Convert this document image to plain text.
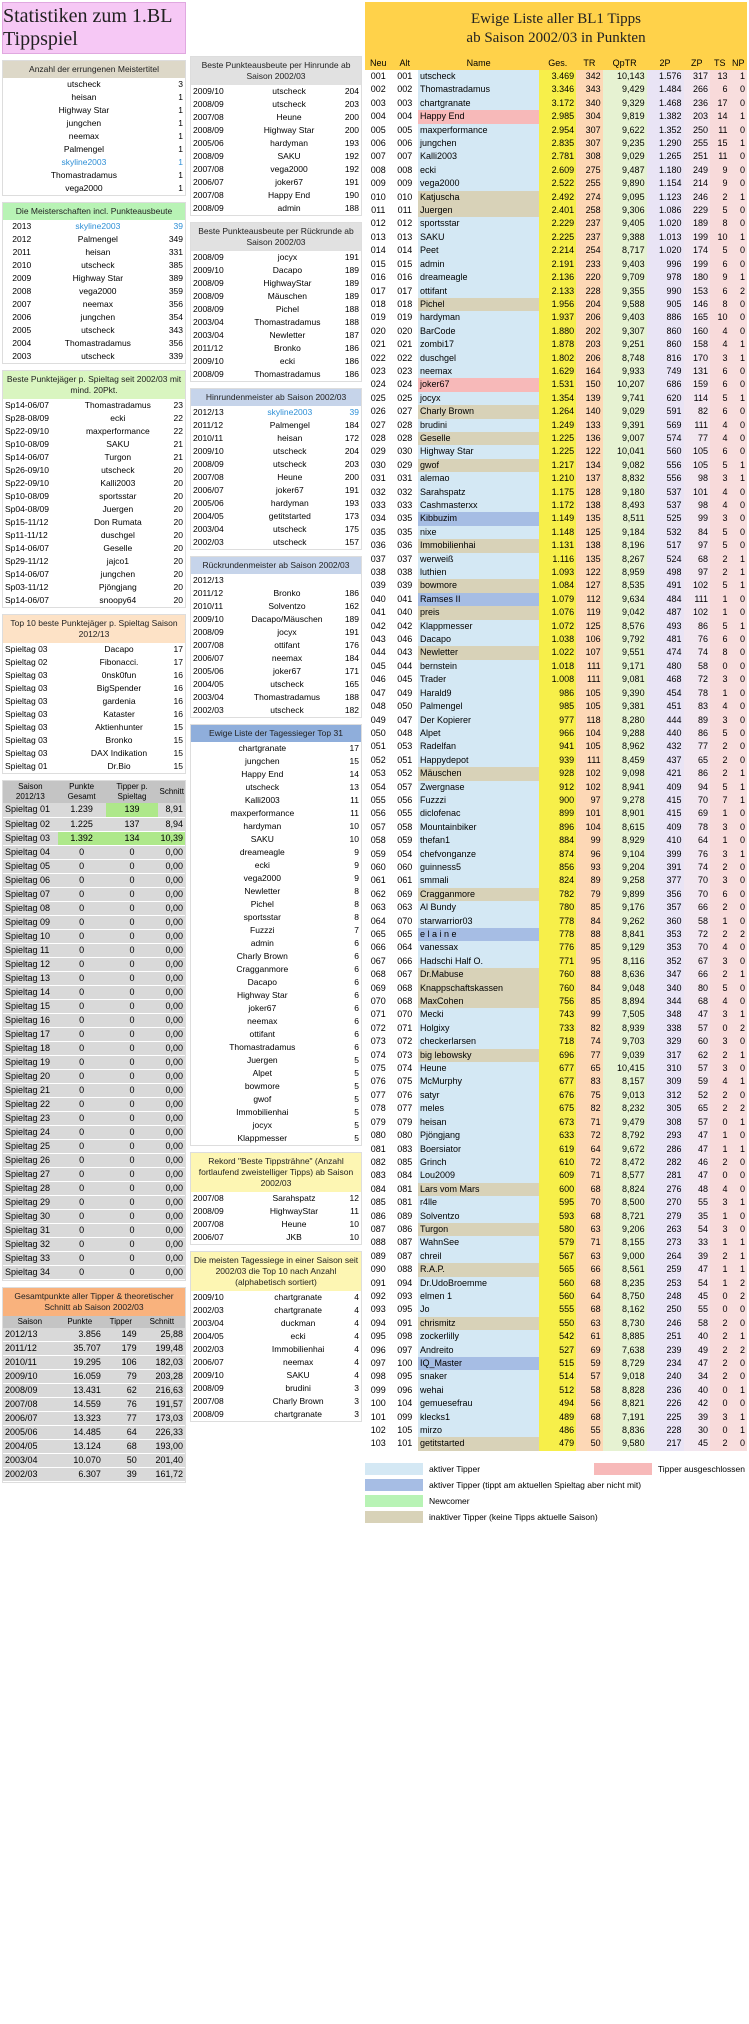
Statistiken zum 1.BL Tippspiel
Anzahl der errungenen Meistertitel
utscheck	3
heisan	1
Highway Star	1
jungchen	1
neemax	1
Palmengel	1
skyline2003	1
Thomastradamus	1
vega2000	1
Die Meisterschaften incl. Punkteausbeute
2013	skyline2003	39
2012	Palmengel	349
2011	heisan	331
2010	utscheck	385
2009	Highway Star	389
2008	vega2000	359
2007	neemax	356
2006	jungchen	354
2005	utscheck	343
2004	Thomastradamus	356
2003	utscheck	339
Beste Punktejäger p. Spieltag seit 2002/03 mit mind. 20Pkt.
Sp14-06/07	Thomastradamus	23
Sp28-08/09	ecki	22
Sp22-09/10	maxperformance	22
Sp10-08/09	SAKU	21
Sp14-06/07	Turgon	21
Sp26-09/10	utscheck	20
Sp22-09/10	Kalli2003	20
Sp10-08/09	sportsstar	20
Sp04-08/09	Juergen	20
Sp15-11/12	Don Rumata	20
Sp11-11/12	duschgel	20
Sp14-06/07	Geselle	20
Sp29-11/12	jajco1	20
Sp14-06/07	jungchen	20
Sp03-11/12	Pjöngjang	20
Sp14-06/07	snoopy64	20
Top 10 beste Punktejäger p. Spieltag Saison 2012/13
Spieltag 03	Dacapo	17
Spieltag 02	Fibonacci.	17
Spieltag 03	0nsk0fun	16
Spieltag 03	BigSpender	16
Spieltag 03	gardenia	16
Spieltag 03	Kataster	16
Spieltag 03	Aktienhunter	15
Spieltag 03	Bronko	15
Spieltag 03	DAX Indikation	15
Spieltag 01	Dr.Bio	15
Saison 2012/13	Punkte Gesamt	Tipper p. Spieltag	Schnitt
Spieltag 01	1.239	139	8,91
Spieltag 02	1.225	137	8,94
Spieltag 03	1.392	134	10,39
Spieltag 04	0	0	0,00
Spieltag 05	0	0	0,00
Spieltag 06	0	0	0,00
Spieltag 07	0	0	0,00
Spieltag 08	0	0	0,00
Spieltag 09	0	0	0,00
Spieltag 10	0	0	0,00
Spieltag 11	0	0	0,00
Spieltag 12	0	0	0,00
Spieltag 13	0	0	0,00
Spieltag 14	0	0	0,00
Spieltag 15	0	0	0,00
Spieltag 16	0	0	0,00
Spieltag 17	0	0	0,00
Spieltag 18	0	0	0,00
Spieltag 19	0	0	0,00
Spieltag 20	0	0	0,00
Spieltag 21	0	0	0,00
Spieltag 22	0	0	0,00
Spieltag 23	0	0	0,00
Spieltag 24	0	0	0,00
Spieltag 25	0	0	0,00
Spieltag 26	0	0	0,00
Spieltag 27	0	0	0,00
Spieltag 28	0	0	0,00
Spieltag 29	0	0	0,00
Spieltag 30	0	0	0,00
Spieltag 31	0	0	0,00
Spieltag 32	0	0	0,00
Spieltag 33	0	0	0,00
Spieltag 34	0	0	0,00
Gesamtpunkte aller Tipper & theoretischer Schnitt ab Saison 2002/03
Saison	Punkte	Tipper	Schnitt
2012/13	3.856	149	25,88
2011/12	35.707	179	199,48
2010/11	19.295	106	182,03
2009/10	16.059	79	203,28
2008/09	13.431	62	216,63
2007/08	14.559	76	191,57
2006/07	13.323	77	173,03
2005/06	14.485	64	226,33
2004/05	13.124	68	193,00
2003/04	10.070	50	201,40
2002/03	6.307	39	161,72
Beste Punkteausbeute per Hinrunde ab Saison 2002/03
2009/10	utscheck	204
2008/09	utscheck	203
2007/08	Heune	200
2008/09	Highway Star	200
2005/06	hardyman	193
2008/09	SAKU	192
2007/08	vega2000	192
2006/07	joker67	191
2007/08	Happy End	190
2008/09	admin	188
Beste Punkteausbeute per Rückrunde ab Saison 2002/03
2008/09	jocyx	191
2009/10	Dacapo	189
2008/09	HighwayStar	189
2008/09	Mäuschen	189
2008/09	Pichel	188
2003/04	Thomastradamus	188
2003/04	Newletter	187
2011/12	Bronko	186
2009/10	ecki	186
2008/09	Thomastradamus	186
Hinrundenmeister ab Saison 2002/03
2012/13	skyline2003	39
2011/12	Palmengel	184
2010/11	heisan	172
2009/10	utscheck	204
2008/09	utscheck	203
2007/08	Heune	200
2006/07	joker67	191
2005/06	hardyman	193
2004/05	getitstarted	173
2003/04	utscheck	175
2002/03	utscheck	157
Rückrundenmeister ab Saison 2002/03
2012/13		
2011/12	Bronko	186
2010/11	Solventzo	162
2009/10	Dacapo/Mäuschen	189
2008/09	jocyx	191
2007/08	ottifant	176
2006/07	neemax	184
2005/06	joker67	171
2004/05	utscheck	165
2003/04	Thomastradamus	188
2002/03	utscheck	182
Ewige Liste der Tagessieger Top 31
chartgranate	17
jungchen	15
Happy End	14
utscheck	13
Kalli2003	11
maxperformance	11
hardyman	10
SAKU	10
dreameagle	9
ecki	9
vega2000	9
Newletter	8
Pichel	8
sportsstar	8
Fuzzzi	7
admin	6
Charly Brown	6
Cragganmore	6
Dacapo	6
Highway Star	6
joker67	6
neemax	6
ottifant	6
Thomastradamus	6
Juergen	5
Alpet	5
bowmore	5
gwof	5
Immobilienhai	5
jocyx	5
Klappmesser	5
Rekord "Beste Tippsträhne" (Anzahl fortlaufend zweistelliger Tipps) ab Saison 2002/03
2007/08	Sarahspatz	12
2008/09	HighwayStar	11
2007/08	Heune	10
2006/07	JKB	10
Die meisten Tagessiege in einer Saison seit 2002/03 die Top 10 nach Anzahl (alphabetisch sortiert)
2009/10	chartgranate	4
2002/03	chartgranate	4
2003/04	duckman	4
2004/05	ecki	4
2002/03	Immobilienhai	4
2006/07	neemax	4
2009/10	SAKU	4
2008/09	brudini	3
2007/08	Charly Brown	3
2008/09	chartgranate	3
Ewige Liste aller BL1 Tipps
ab Saison 2002/03 in Punkten
Neu	Alt	Name	Ges.	TR	QpTR	2P	ZP	TS	NP
001	001	utscheck	3.469	342	10,143	1.576	317	13	1
002	002	Thomastradamus	3.346	343	9,429	1.484	266	6	0
003	003	chartgranate	3.172	340	9,329	1.468	236	17	0
004	004	Happy End	2.985	304	9,819	1.382	203	14	1
005	005	maxperformance	2.954	307	9,622	1.352	250	11	0
006	006	jungchen	2.835	307	9,235	1.290	255	15	1
007	007	Kalli2003	2.781	308	9,029	1.265	251	11	0
008	008	ecki	2.609	275	9,487	1.180	249	9	0
009	009	vega2000	2.522	255	9,890	1.154	214	9	0
010	010	Katjuscha	2.492	274	9,095	1.123	246	2	1
011	011	Juergen	2.401	258	9,306	1.086	229	5	0
012	012	sportsstar	2.229	237	9,405	1.020	189	8	0
013	013	SAKU	2.225	237	9,388	1.013	199	10	1
014	014	Peet	2.214	254	8,717	1.020	174	5	0
015	015	admin	2.191	233	9,403	996	199	6	0
016	016	dreameagle	2.136	220	9,709	978	180	9	1
017	017	ottifant	2.133	228	9,355	990	153	6	2
018	018	Pichel	1.956	204	9,588	905	146	8	0
019	019	hardyman	1.937	206	9,403	886	165	10	0
020	020	BarCode	1.880	202	9,307	860	160	4	0
021	021	zombi17	1.878	203	9,251	860	158	4	1
022	022	duschgel	1.802	206	8,748	816	170	3	1
023	023	neemax	1.629	164	9,933	749	131	6	0
024	024	joker67	1.531	150	10,207	686	159	6	0
025	025	jocyx	1.354	139	9,741	620	114	5	1
026	027	Charly Brown	1.264	140	9,029	591	82	6	0
027	028	brudini	1.249	133	9,391	569	111	4	0
028	028	Geselle	1.225	136	9,007	574	77	4	0
029	030	Highway Star	1.225	122	10,041	560	105	6	0
030	029	gwof	1.217	134	9,082	556	105	5	1
031	031	alemao	1.210	137	8,832	556	98	3	1
032	032	Sarahspatz	1.175	128	9,180	537	101	4	0
033	033	Cashmasterxx	1.172	138	8,493	537	98	4	0
034	035	Kibbuzim	1.149	135	8,511	525	99	3	0
035	035	nixe	1.148	125	9,184	532	84	5	0
036	036	Immobilienhai	1.131	138	8,196	517	97	5	0
037	037	werweiß	1.116	135	8,267	524	68	2	1
038	038	luthien	1.093	122	8,959	498	97	2	1
039	039	bowmore	1.084	127	8,535	491	102	5	1
040	041	Ramses II	1.079	112	9,634	484	111	1	0
041	040	preis	1.076	119	9,042	487	102	1	0
042	042	Klappmesser	1.072	125	8,576	493	86	5	1
043	046	Dacapo	1.038	106	9,792	481	76	6	0
044	043	Newletter	1.022	107	9,551	474	74	8	0
045	044	bernstein	1.018	111	9,171	480	58	0	0
046	045	Trader	1.008	111	9,081	468	72	3	0
047	049	Harald9	986	105	9,390	454	78	1	0
048	050	Palmengel	985	105	9,381	451	83	4	0
049	047	Der Kopierer	977	118	8,280	444	89	3	0
050	048	Alpet	966	104	9,288	440	86	5	0
051	053	Radelfan	941	105	8,962	432	77	2	0
052	051	Happydepot	939	111	8,459	437	65	2	0
053	052	Mäuschen	928	102	9,098	421	86	2	1
054	057	Zwergnase	912	102	8,941	409	94	5	1
055	056	Fuzzzi	900	97	9,278	415	70	7	1
056	055	diclofenac	899	101	8,901	415	69	1	0
057	058	Mountainbiker	896	104	8,615	409	78	3	0
058	059	thefan1	884	99	8,929	410	64	1	0
059	054	chefvonganze	874	96	9,104	399	76	3	1
060	060	guinness5	856	93	9,204	391	74	2	0
061	061	smmali	824	89	9,258	377	70	3	0
062	069	Cragganmore	782	79	9,899	356	70	6	0
063	063	Al Bundy	780	85	9,176	357	66	2	0
064	070	starwarrior03	778	84	9,262	360	58	1	0
065	065	e l a i n e	778	88	8,841	353	72	2	2
066	064	vanessax	776	85	9,129	353	70	4	0
067	066	Hadschi Half O.	771	95	8,116	352	67	3	0
068	067	Dr.Mabuse	760	88	8,636	347	66	2	1
069	068	Knappschaftskassen	760	84	9,048	340	80	5	0
070	068	MaxCohen	756	85	8,894	344	68	4	0
071	070	Mecki	743	99	7,505	348	47	3	1
072	071	Holgixy	733	82	8,939	338	57	0	2
073	072	checkerlarsen	718	74	9,703	329	60	3	0
074	073	big lebowsky	696	77	9,039	317	62	2	1
075	074	Heune	677	65	10,415	310	57	3	0
076	075	McMurphy	677	83	8,157	309	59	4	1
077	076	satyr	676	75	9,013	312	52	2	0
078	077	meles	675	82	8,232	305	65	2	2
079	079	heisan	673	71	9,479	308	57	0	1
080	080	Pjöngjang	633	72	8,792	293	47	1	0
081	083	Boersiator	619	64	9,672	286	47	1	1
082	085	Grinch	610	72	8,472	282	46	2	0
083	084	Lou2009	609	71	8,577	281	47	0	0
084	081	Lars vom Mars	600	68	8,824	276	48	4	0
085	081	r4lle	595	70	8,500	270	55	3	1
086	089	Solventzo	593	68	8,721	279	35	1	0
087	086	Turgon	580	63	9,206	263	54	3	0
088	087	WahnSee	579	71	8,155	273	33	1	1
089	087	chreil	567	63	9,000	264	39	2	1
090	088	R.A.P.	565	66	8,561	259	47	1	1
091	094	Dr.UdoBroemme	560	68	8,235	253	54	1	2
092	093	elmen 1	560	64	8,750	248	45	0	2
093	095	Jo	555	68	8,162	250	55	0	0
094	091	chrismitz	550	63	8,730	246	58	2	0
095	098	zockerlilly	542	61	8,885	251	40	2	1
096	097	Andreito	527	69	7,638	239	49	2	2
097	100	IQ_Master	515	59	8,729	234	47	2	0
098	095	snaker	514	57	9,018	240	34	2	0
099	096	wehai	512	58	8,828	236	40	0	1
100	104	gemuesefrau	494	56	8,821	226	42	0	0
101	099	klecks1	489	68	7,191	225	39	3	1
102	105	mirzo	486	55	8,836	228	30	0	1
103	101	getitstarted	479	50	9,580	217	45	2	0
aktiver Tipper
aktiver Tipper (tippt am aktuellen Spieltag aber nicht mit)
Newcomer
inaktiver Tipper (keine Tipps aktuelle Saison)
Tipper ausgeschlossen
